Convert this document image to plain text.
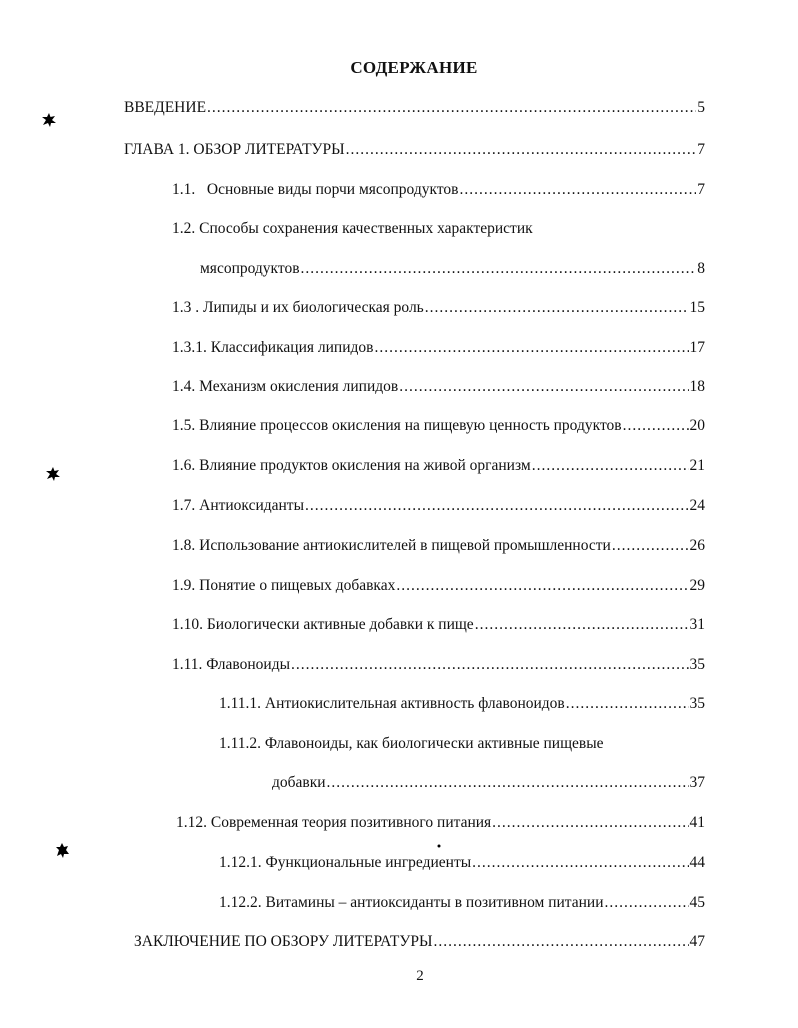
СОДЕРЖАНИЕ
ВВЕДЕНИЕ .....	5
ГЛАВА 1. ОБЗОР ЛИТЕРАТУРЫ .....	7
1.1.   Основные виды порчи мясопродуктов .....	7
1.2. Способы сохранения качественных характеристик
мясопродуктов .....	8
1.3 . Липиды и их биологическая роль .....	15
1.3.1. Классификация липидов .....	17
1.4. Механизм окисления липидов .....	18
1.5. Влияние процессов окисления на пищевую ценность продуктов .....	20
1.6. Влияние продуктов окисления на живой организм .....	21
1.7. Антиоксиданты .....	24
1.8. Использование антиокислителей в пищевой промышленности .....	26
1.9. Понятие о пищевых добавках .....	29
1.10. Биологически активные добавки к пище .....	31
1.11. Флавоноиды .....	35
1.11.1. Антиокислительная активность флавоноидов .....	35
1.11.2. Флавоноиды, как биологически активные пищевые
добавки .....	37
1.12. Современная теория позитивного питания .....	41
1.12.1. Функциональные ингредиенты .....	44
1.12.2. Витамины – антиоксиданты в позитивном питании .....	45
ЗАКЛЮЧЕНИЕ ПО ОБЗОРУ ЛИТЕРАТУРЫ .....	47
2
